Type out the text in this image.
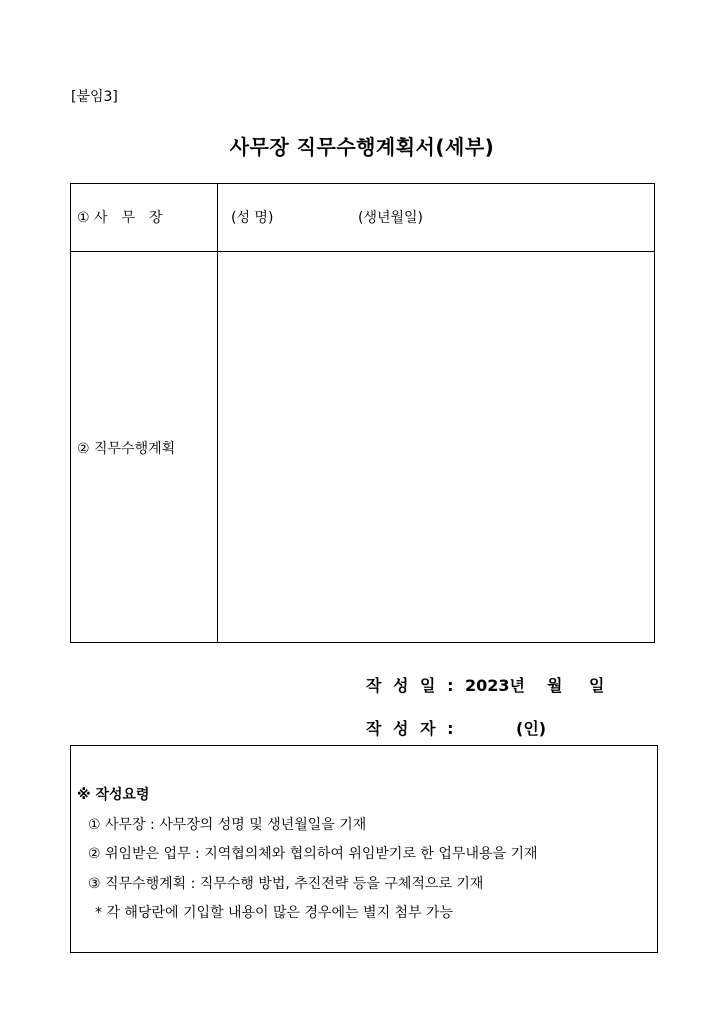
[붙임3]
사무장 직무수행계획서(세부)
① 사　무　장	(성 명)	(생년월일)
② 직무수행계획
작 성 일 : 2023년 월 일
작 성 자 :	(인)
※ 작성요령
① 사무장 : 사무장의 성명 및 생년월일을 기재
② 위임받은 업무 : 지역협의체와 협의하여 위임받기로 한 업무내용을 기재
③ 직무수행계획 : 직무수행 방법, 추진전략 등을 구체적으로 기재
* 각 해당란에 기입할 내용이 많은 경우에는 별지 첨부 가능
